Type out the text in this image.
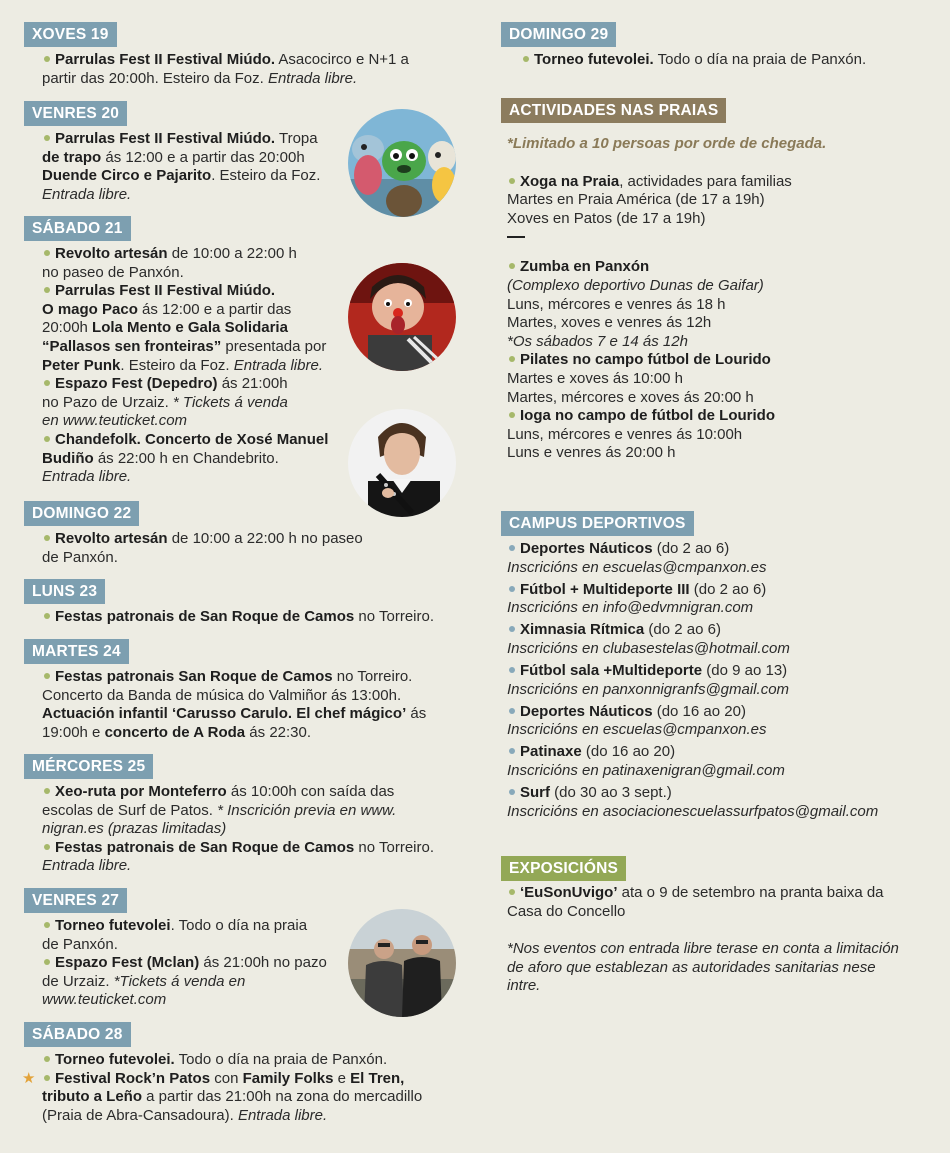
XOVES 19
Parrulas Fest II Festival Miúdo. Asacocirco e N+1 a
partir das 20:00h. Esteiro da Foz. Entrada libre.
VENRES 20
Parrulas Fest II Festival Miúdo. Tropa
de trapo ás 12:00 e a partir das 20:00h
Duende Circo e Pajarito. Esteiro da Foz.
Entrada libre.
SÁBADO 21
Revolto artesán de 10:00 a 22:00 h
no paseo de Panxón.
Parrulas Fest II Festival Miúdo.
O mago Paco ás 12:00 e a partir das
20:00h Lola Mento e Gala Solidaria
“Pallasos sen fronteiras” presentada por
Peter Punk. Esteiro da Foz. Entrada libre.
Espazo Fest (Depedro) ás 21:00h
no Pazo de Urzaiz. * Tickets á venda
en www.teuticket.com
Chandefolk. Concerto de Xosé Manuel
Budiño ás 22:00 h en Chandebrito.
Entrada libre.
DOMINGO 22
Revolto artesán de 10:00 a 22:00 h no paseo
de Panxón.
LUNS 23
Festas patronais de San Roque de Camos no Torreiro.
MARTES 24
Festas patronais San Roque de Camos no Torreiro.
Concerto da Banda de música do Valmiñor ás 13:00h.
Actuación infantil ‘Carusso Carulo. El chef mágico’ ás
19:00h e concerto de A Roda ás 22:30.
MÉRCORES 25
Xeo-ruta por Monteferro ás 10:00h con saída das
escolas de Surf de Patos. * Inscrición previa en www.
nigran.es (prazas limitadas)
Festas patronais de San Roque de Camos no Torreiro.
Entrada libre.
VENRES 27
Torneo futevolei. Todo o día na praia
de Panxón.
Espazo Fest (Mclan) ás 21:00h no pazo
de Urzaiz. *Tickets á venda en
www.teuticket.com
SÁBADO 28
Torneo futevolei. Todo o día na praia de Panxón.
★ Festival Rock’n Patos con Family Folks e El Tren,
tributo a Leño a partir das 21:00h na zona do mercadillo
(Praia de Abra-Cansadoura). Entrada libre.
DOMINGO 29
Torneo futevolei. Todo o día na praia de Panxón.
ACTIVIDADES NAS PRAIAS
*Limitado a 10 persoas por orde de chegada.
Xoga na Praia, actividades para familias
Martes en Praia América (de 17 a 19h)
Xoves en Patos (de 17 a 19h)
Zumba en Panxón
(Complexo deportivo Dunas de Gaifar)
Luns, mércores e venres ás 18 h
Martes, xoves e venres ás 12h
*Os sábados 7 e 14 ás 12h
Pilates no campo fútbol de Lourido
Martes e xoves ás 10:00 h
Martes, mércores e xoves ás 20:00 h
Ioga no campo de fútbol de Lourido
Luns, mércores e venres ás 10:00h
Luns e venres ás 20:00 h
CAMPUS DEPORTIVOS
Deportes Náuticos (do 2 ao 6)
Inscricións en escuelas@cmpanxon.es
Fútbol + Multideporte III (do 2 ao 6)
Inscricións en info@edvmnigran.com
Ximnasia Rítmica (do 2 ao 6)
Inscricións en clubasestelas@hotmail.com
Fútbol sala +Multideporte (do 9 ao 13)
Inscricións en panxonnigranfs@gmail.com
Deportes Náuticos (do 16 ao 20)
Inscricións en escuelas@cmpanxon.es
Patinaxe (do 16 ao 20)
Inscricións en patinaxenigran@gmail.com
Surf (do 30 ao 3 sept.)
Inscricións en asociacionescuelassurfpatos@gmail.com
EXPOSICIÓNS
‘EuSonUvigo’ ata o 9 de setembro na pranta baixa da
Casa do Concello
*Nos eventos con entrada libre terase en conta a limitación
de aforo que establezan as autoridades sanitarias nese
intre.
